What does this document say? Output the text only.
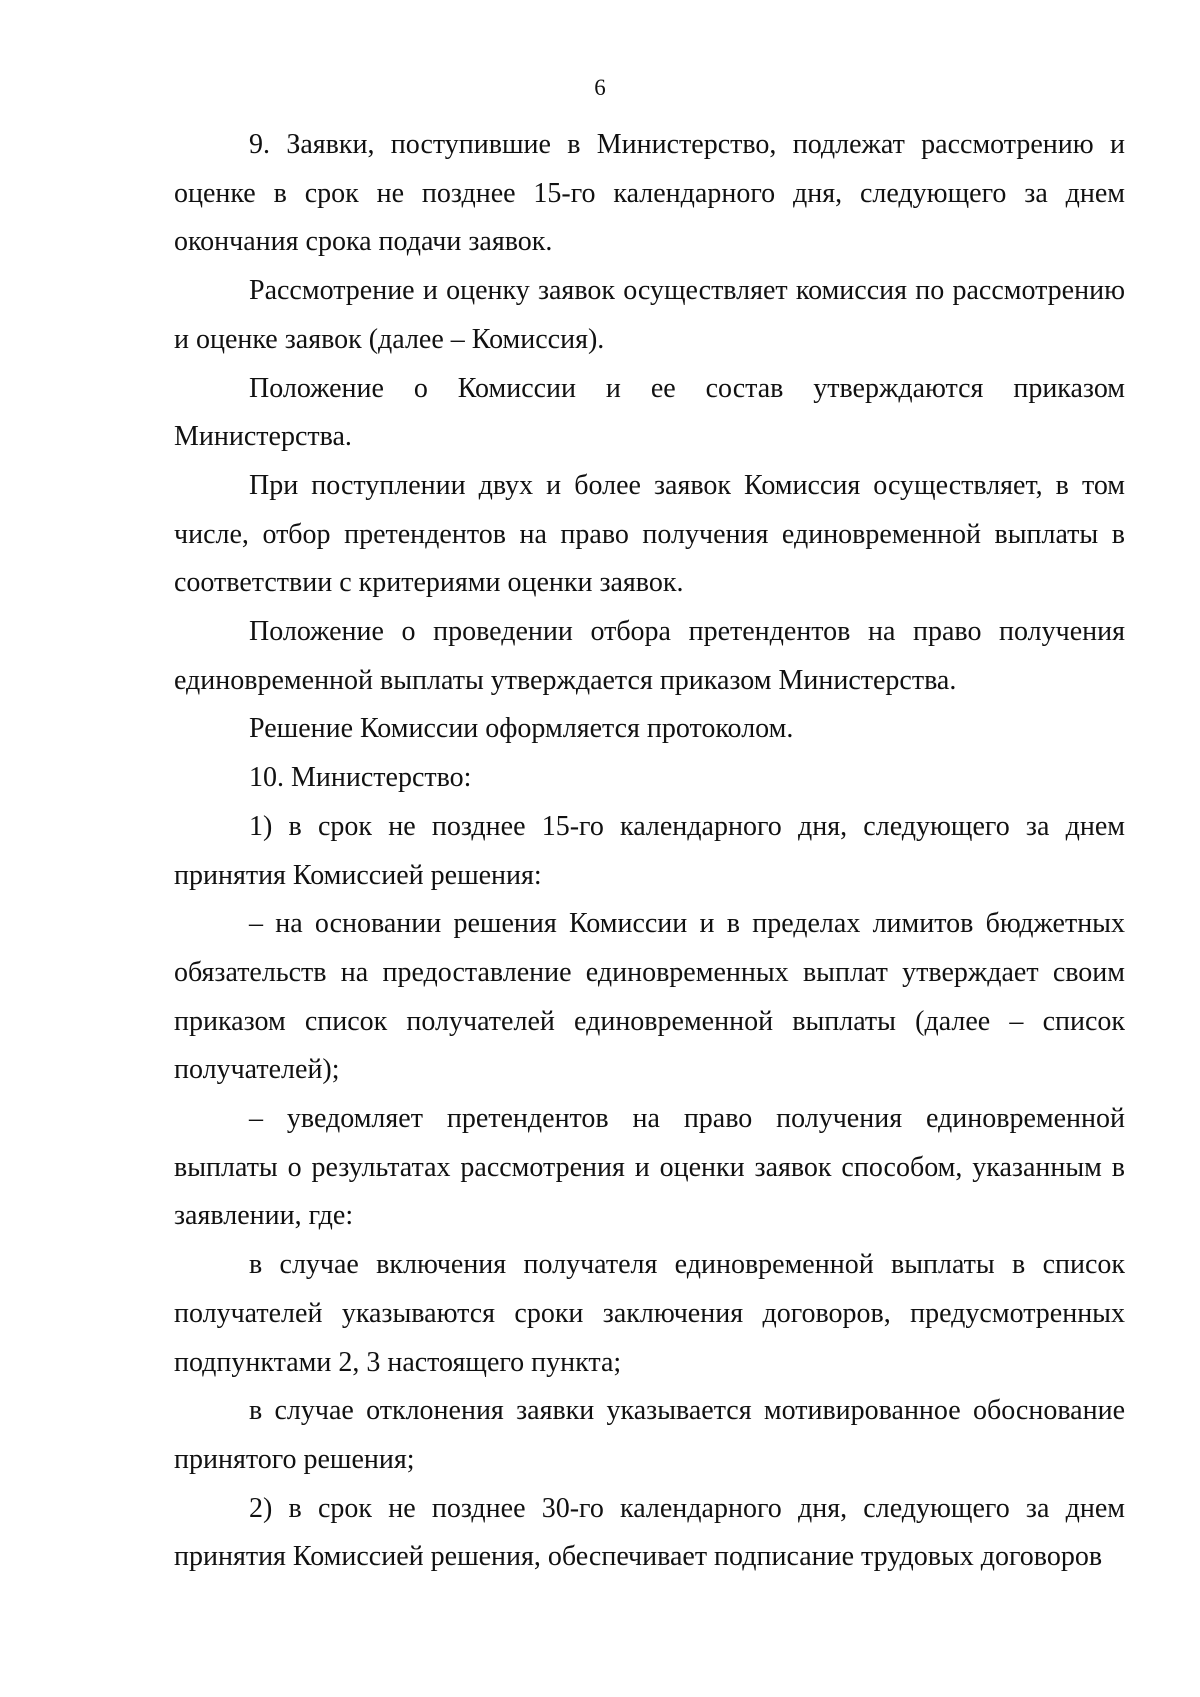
6

9. Заявки, поступившие в Министерство, подлежат рассмотрению и оценке в срок не позднее 15-го календарного дня, следующего за днем окончания срока подачи заявок.

Рассмотрение и оценку заявок осуществляет комиссия по рассмотрению и оценке заявок (далее – Комиссия).

Положение о Комиссии и ее состав утверждаются приказом Министерства.

При поступлении двух и более заявок Комиссия осуществляет, в том числе, отбор претендентов на право получения единовременной выплаты в соответствии с критериями оценки заявок.

Положение о проведении отбора претендентов на право получения единовременной выплаты утверждается приказом Министерства.

Решение Комиссии оформляется протоколом.

10. Министерство:

1) в срок не позднее 15-го календарного дня, следующего за днем принятия Комиссией решения:

– на основании решения Комиссии и в пределах лимитов бюджетных обязательств на предоставление единовременных выплат утверждает своим приказом список получателей единовременной выплаты (далее – список получателей);

– уведомляет претендентов на право получения единовременной выплаты о результатах рассмотрения и оценки заявок способом, указанным в заявлении, где:

в случае включения получателя единовременной выплаты в список получателей указываются сроки заключения договоров, предусмотренных подпунктами 2, 3 настоящего пункта;

в случае отклонения заявки указывается мотивированное обоснование принятого решения;

2) в срок не позднее 30-го календарного дня, следующего за днем принятия Комиссией решения, обеспечивает подписание трудовых договоров
